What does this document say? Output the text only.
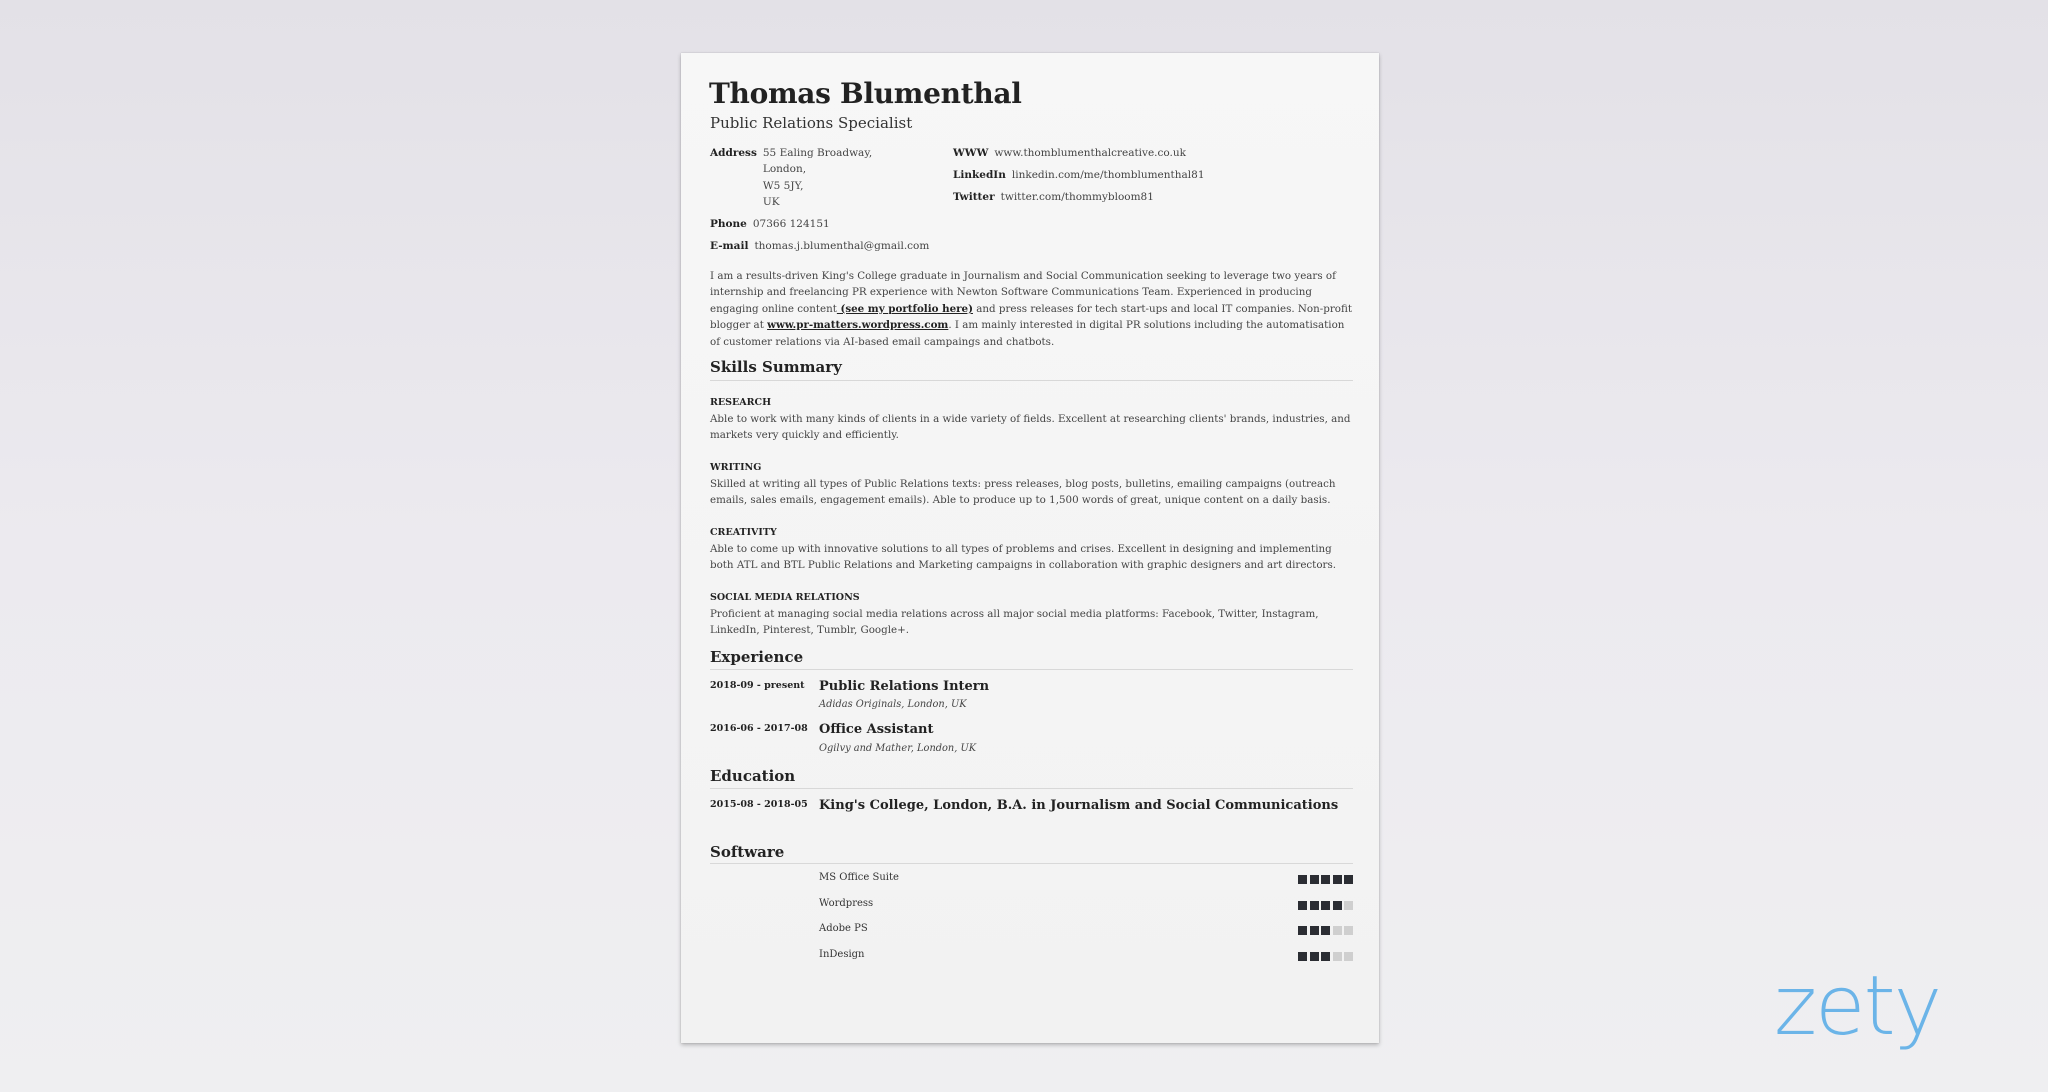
Thomas Blumenthal
Public Relations Specialist
Address 55 Ealing Broadway,
London,
W5 5JY,
UK
Phone 07366 124151
E-mail thomas.j.blumenthal@gmail.com
WWW www.thomblumenthalcreative.co.uk
LinkedIn linkedin.com/me/thomblumenthal81
Twitter twitter.com/thommybloom81
I am a results-driven King's College graduate in Journalism and Social Communication seeking to leverage two years of internship and freelancing PR experience with Newton Software Communications Team. Experienced in producing engaging online content (see my portfolio here) and press releases for tech start-ups and local IT companies. Non-profit blogger at www.pr-matters.wordpress.com. I am mainly interested in digital PR solutions including the automatisation of customer relations via AI-based email campaings and chatbots.
Skills Summary
RESEARCH
Able to work with many kinds of clients in a wide variety of fields. Excellent at researching clients' brands, industries, and markets very quickly and efficiently.
WRITING
Skilled at writing all types of Public Relations texts: press releases, blog posts, bulletins, emailing campaigns (outreach emails, sales emails, engagement emails). Able to produce up to 1,500 words of great, unique content on a daily basis.
CREATIVITY
Able to come up with innovative solutions to all types of problems and crises. Excellent in designing and implementing both ATL and BTL Public Relations and Marketing campaigns in collaboration with graphic designers and art directors.
SOCIAL MEDIA RELATIONS
Proficient at managing social media relations across all major social media platforms: Facebook, Twitter, Instagram, LinkedIn, Pinterest, Tumblr, Google+.
Experience
2018-09 - present Public Relations Intern
Adidas Originals, London, UK
2016-06 - 2017-08 Office Assistant
Ogilvy and Mather, London, UK
Education
2015-08 - 2018-05 King's College, London, B.A. in Journalism and Social Communications
Software
MS Office Suite
Wordpress
Adobe PS
InDesign
zety
